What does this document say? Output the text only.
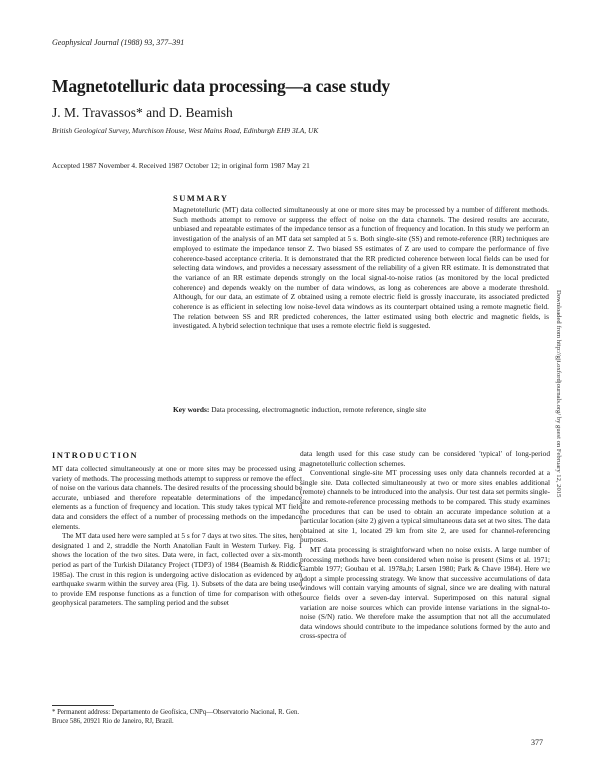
Geophysical Journal (1988) 93, 377–391
Magnetotelluric data processing—a case study
J. M. Travassos* and D. Beamish
British Geological Survey, Murchison House, West Mains Road, Edinburgh EH9 3LA, UK
Accepted 1987 November 4. Received 1987 October 12; in original form 1987 May 21
SUMMARY

Magnetotelluric (MT) data collected simultaneously at one or more sites may be processed by a number of different methods. Such methods attempt to remove or suppress the effect of noise on the data channels. The desired results are accurate, unbiased and repeatable estimates of the impedance tensor as a function of frequency and location. In this study we perform an investigation of the analysis of an MT data set sampled at 5 s. Both single-site (SS) and remote-reference (RR) techniques are employed to estimate the impedance tensor Z. Two biased SS estimates of Z are used to compare the performance of five coherence-based acceptance criteria. It is demonstrated that the RR predicted coherence between local fields can be used for selecting data windows, and provides a necessary assessment of the reliability of a given RR estimate. It is demonstrated that the variance of an RR estimate depends strongly on the local signal-to-noise ratios (as monitored by the local predicted coherence) and depends weakly on the number of data windows, as long as coherences are above a moderate threshold. Although, for our data, an estimate of Z obtained using a remote electric field is grossly inaccurate, its associated predicted coherence is as efficient in selecting low noise-level data windows as its counterpart obtained using a remote magnetic field. The relation between SS and RR predicted coherences, the latter estimated using both electric and magnetic fields, is investigated. A hybrid selection technique that uses a remote electric field is suggested.

Key words: Data processing, electromagnetic induction, remote reference, single site
INTRODUCTION

MT data collected simultaneously at one or more sites may be processed using a variety of methods. The processing methods attempt to suppress or remove the effect of noise on the various data channels. The desired results of the processing should be accurate, unbiased and therefore repeatable determinations of the impedance elements as a function of frequency and location. This study takes typical MT field data and considers the effect of a number of processing methods on the impedance elements.

The MT data used here were sampled at 5 s for 7 days at two sites. The sites, here designated 1 and 2, straddle the North Anatolian Fault in Western Turkey. Fig. 1 shows the location of the two sites. Data were, in fact, collected over a six-month period as part of the Turkish Dilatancy Project (TDP3) of 1984 (Beamish & Riddick 1985a). The crust in this region is undergoing active dislocation as evidenced by an earthquake swarm within the survey area (Fig. 1). Subsets of the data are being used to provide EM response functions as a function of time for comparison with other geophysical parameters. The sampling period and the subset

data length used for this case study can be considered 'typical' of long-period magnetotelluric collection schemes.

Conventional single-site MT processing uses only data channels recorded at a single site. Data collected simultaneously at two or more sites enables additional (remote) channels to be introduced into the analysis. Our test data set permits single-site and remote-reference processing methods to be compared. This study examines the procedures that can be used to obtain an accurate impedance solution at a particular location (site 2) given a typical simultaneous data set at two sites. The data obtained at site 1, located 29 km from site 2, are used for channel-referencing purposes.

MT data processing is straightforward when no noise exists. A large number of processing methods have been considered when noise is present (Sims et al. 1971; Gamble 1977; Goubau et al. 1978a,b; Larsen 1980; Park & Chave 1984). Here we adopt a simple processing strategy. We know that successive accumulations of data windows will contain varying amounts of signal, since we are dealing with natural source fields over a seven-day interval. Superimposed on this natural signal variation are noise sources which can provide intense variations in the signal-to-noise (S/N) ratio. We therefore make the assumption that not all the accumulated data windows should contribute to the impedance solutions formed by the auto and cross-spectra of

* Permanent address: Departamento de Geofísica, CNPq—Observatorio Nacional, R. Gen. Bruce 586, 20921 Rio de Janeiro, RJ, Brazil.
377
Downloaded from http://gji.oxfordjournals.org/ by guest on February 12, 2015
